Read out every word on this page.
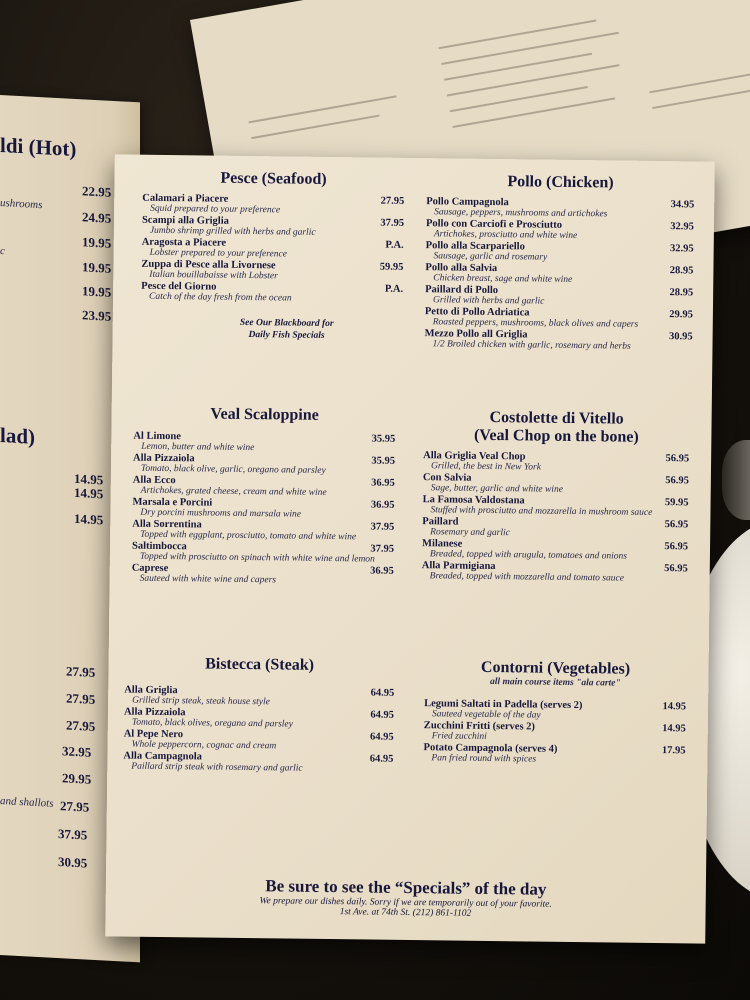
ldi (Hot)
ushrooms
c
22.95
24.95
19.95
19.95
19.95
23.95
lad)
14.95
14.95
14.95
27.95
27.95
27.95
32.95
29.95
and shallots 27.95
37.95
30.95
Pesce (Seafood)
Calamari a Piacere	27.95
Squid prepared to your preference
Scampi alla Griglia	37.95
Jumbo shrimp grilled with herbs and garlic
Aragosta a Piacere	P.A.
Lobster prepared to your preference
Zuppa di Pesce alla Livornese	59.95
Italian bouillabaisse with Lobster
Pesce del Giorno	P.A.
Catch of the day fresh from the ocean
See Our Blackboard for
Daily Fish Specials
Pollo (Chicken)
Pollo Campagnola	34.95
Sausage, peppers, mushrooms and artichokes
Pollo con Carciofi e Prosciutto	32.95
Artichokes, prosciutto and white wine
Pollo alla Scarpariello	32.95
Sausage, garlic and rosemary
Pollo alla Salvia	28.95
Chicken breast, sage and white wine
Paillard di Pollo	28.95
Grilled with herbs and garlic
Petto di Pollo Adriatica	29.95
Roasted peppers, mushrooms, black olives and capers
Mezzo Pollo all Griglia	30.95
1/2 Broiled chicken with garlic, rosemary and herbs
Veal Scaloppine
Al Limone	35.95
Lemon, butter and white wine
Alla Pizzaiola	35.95
Tomato, black olive, garlic, oregano and parsley
Alla Ecco	36.95
Artichokes, grated cheese, cream and white wine
Marsala e Porcini	36.95
Dry porcini mushrooms and marsala wine
Alla Sorrentina	37.95
Topped with eggplant, prosciutto, tomato and white wine
Saltimbocca	37.95
Topped with prosciutto on spinach with white wine and lemon
Caprese	36.95
Sauteed with white wine and capers
Costolette di Vitello
(Veal Chop on the bone)
Alla Griglia Veal Chop	56.95
Grilled, the best in New York
Con Salvia	56.95
Sage, butter, garlic and white wine
La Famosa Valdostana	59.95
Stuffed with prosciutto and mozzarella in mushroom sauce
Paillard	56.95
Rosemary and garlic
Milanese	56.95
Breaded, topped with arugula, tomatoes and onions
Alla Parmigiana	56.95
Breaded, topped with mozzarella and tomato sauce
Bistecca (Steak)
Alla Griglia	64.95
Grilled strip steak, steak house style
Alla Pizzaiola	64.95
Tomato, black olives, oregano and parsley
Al Pepe Nero	64.95
Whole peppercorn, cognac and cream
Alla Campagnola	64.95
Paillard strip steak with rosemary and garlic
Contorni (Vegetables)
all main course items "ala carte"
Legumi Saltati in Padella (serves 2)	14.95
Sauteed vegetable of the day
Zucchini Fritti (serves 2)	14.95
Fried zucchini
Potato Campagnola (serves 4)	17.95
Pan fried round with spices
Be sure to see the “Specials” of the day
We prepare our dishes daily. Sorry if we are temporarily out of your favorite.
1st Ave. at 74th St. (212) 861-1102
